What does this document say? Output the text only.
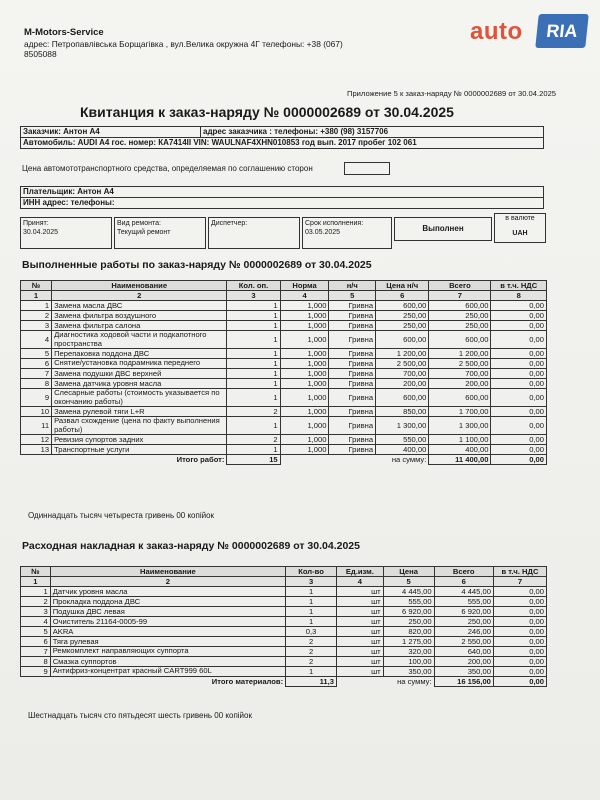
M-Motors-Service
адрес: Петропавлівська Борщагівка , вул.Велика окружна 4Г телефоны: +38 (067)
8505088
auto	RIA
Приложение 5 к заказ-наряду № 0000002689 от 30.04.2025
Квитанция к заказ-наряду № 0000002689 от 30.04.2025
Заказчик: Антон А4	адрес заказчика : телефоны: +380 (98) 3157706
Автомобиль: AUDI A4 гос. номер: КА7414II VIN: WAULNAF4XHN010853 год вып. 2017 пробег 102 061
Цена автомототранспортного средства, определяемая по соглашению сторон
Плательщик: Антон А4
ИНН адрес: телефоны:
Принят:
30.04.2025
Вид ремонта:
Текущий ремонт
Диспетчер:	Срок исполнения:
03.05.2025	Выполнен
в валюте
UAH
Выполненные работы по заказ-наряду № 0000002689 от 30.04.2025
№	Наименование	Кол. оп.	Норма	н/ч	Цена н/ч	Всего	в т.ч. НДС
1	2	3	4	5	6	7	8
1	Замена масла ДВС	1	1,000	Гривна	600,00	600,00	0,00
2	Замена фильтра воздушного	1	1,000	Гривна	250,00	250,00	0,00
3	Замена фильтра салона	1	1,000	Гривна	250,00	250,00	0,00
4	Диагностика ходовой части и подкапотного пространства	1	1,000	Гривна	600,00	600,00	0,00
5	Перепаковка поддона ДВС	1	1,000	Гривна	1 200,00	1 200,00	0,00
6	Снятие/установка подрамника переднего	1	1,000	Гривна	2 500,00	2 500,00	0,00
7	Замена подушки ДВС верхней	1	1,000	Гривна	700,00	700,00	0,00
8	Замена датчика уровня масла	1	1,000	Гривна	200,00	200,00	0,00
9	Слесарные работы (стоимость указывается по окончанию работы)	1	1,000	Гривна	600,00	600,00	0,00
10	Замена рулевой тяги L+R	2	1,000	Гривна	850,00	1 700,00	0,00
11	Развал схождение (цена по факту выполнения работы)	1	1,000	Гривна	1 300,00	1 300,00	0,00
12	Ревизия супортов задних	2	1,000	Гривна	550,00	1 100,00	0,00
13	Транспортные услуги	1	1,000	Гривна	400,00	400,00	0,00
Итого работ:		15			на сумму:	11 400,00	0,00
Одиннадцать тысяч четыреста гривень 00 копійок
Расходная накладная к заказ-наряду № 0000002689 от 30.04.2025
№	Наименование	Кол-во	Ед.изм.	Цена	Всего	в т.ч. НДС
1	2	3	4	5	6	7
1	Датчик уровня масла	1	шт	4 445,00	4 445,00	0,00
2	Прокладка поддона ДВС	1	шт	555,00	555,00	0,00
3	Подушка ДВС левая	1	шт	6 920,00	6 920,00	0,00
4	Очиститель 21164-0005-99	1	шт	250,00	250,00	0,00
5	AKRA	0,3	шт	820,00	246,00	0,00
6	Тяга рулевая	2	шт	1 275,00	2 550,00	0,00
7	Ремкомплект направляющих суппорта	2	шт	320,00	640,00	0,00
8	Смазка суппортов	2	шт	100,00	200,00	0,00
9	Антифриз-концентрат красный CART999 60L	1	шт	350,00	350,00	0,00
Итого материалов:		11,3		на сумму:	16 156,00	0,00
Шестнадцать тысяч сто пятьдесят шесть гривень 00 копійок
